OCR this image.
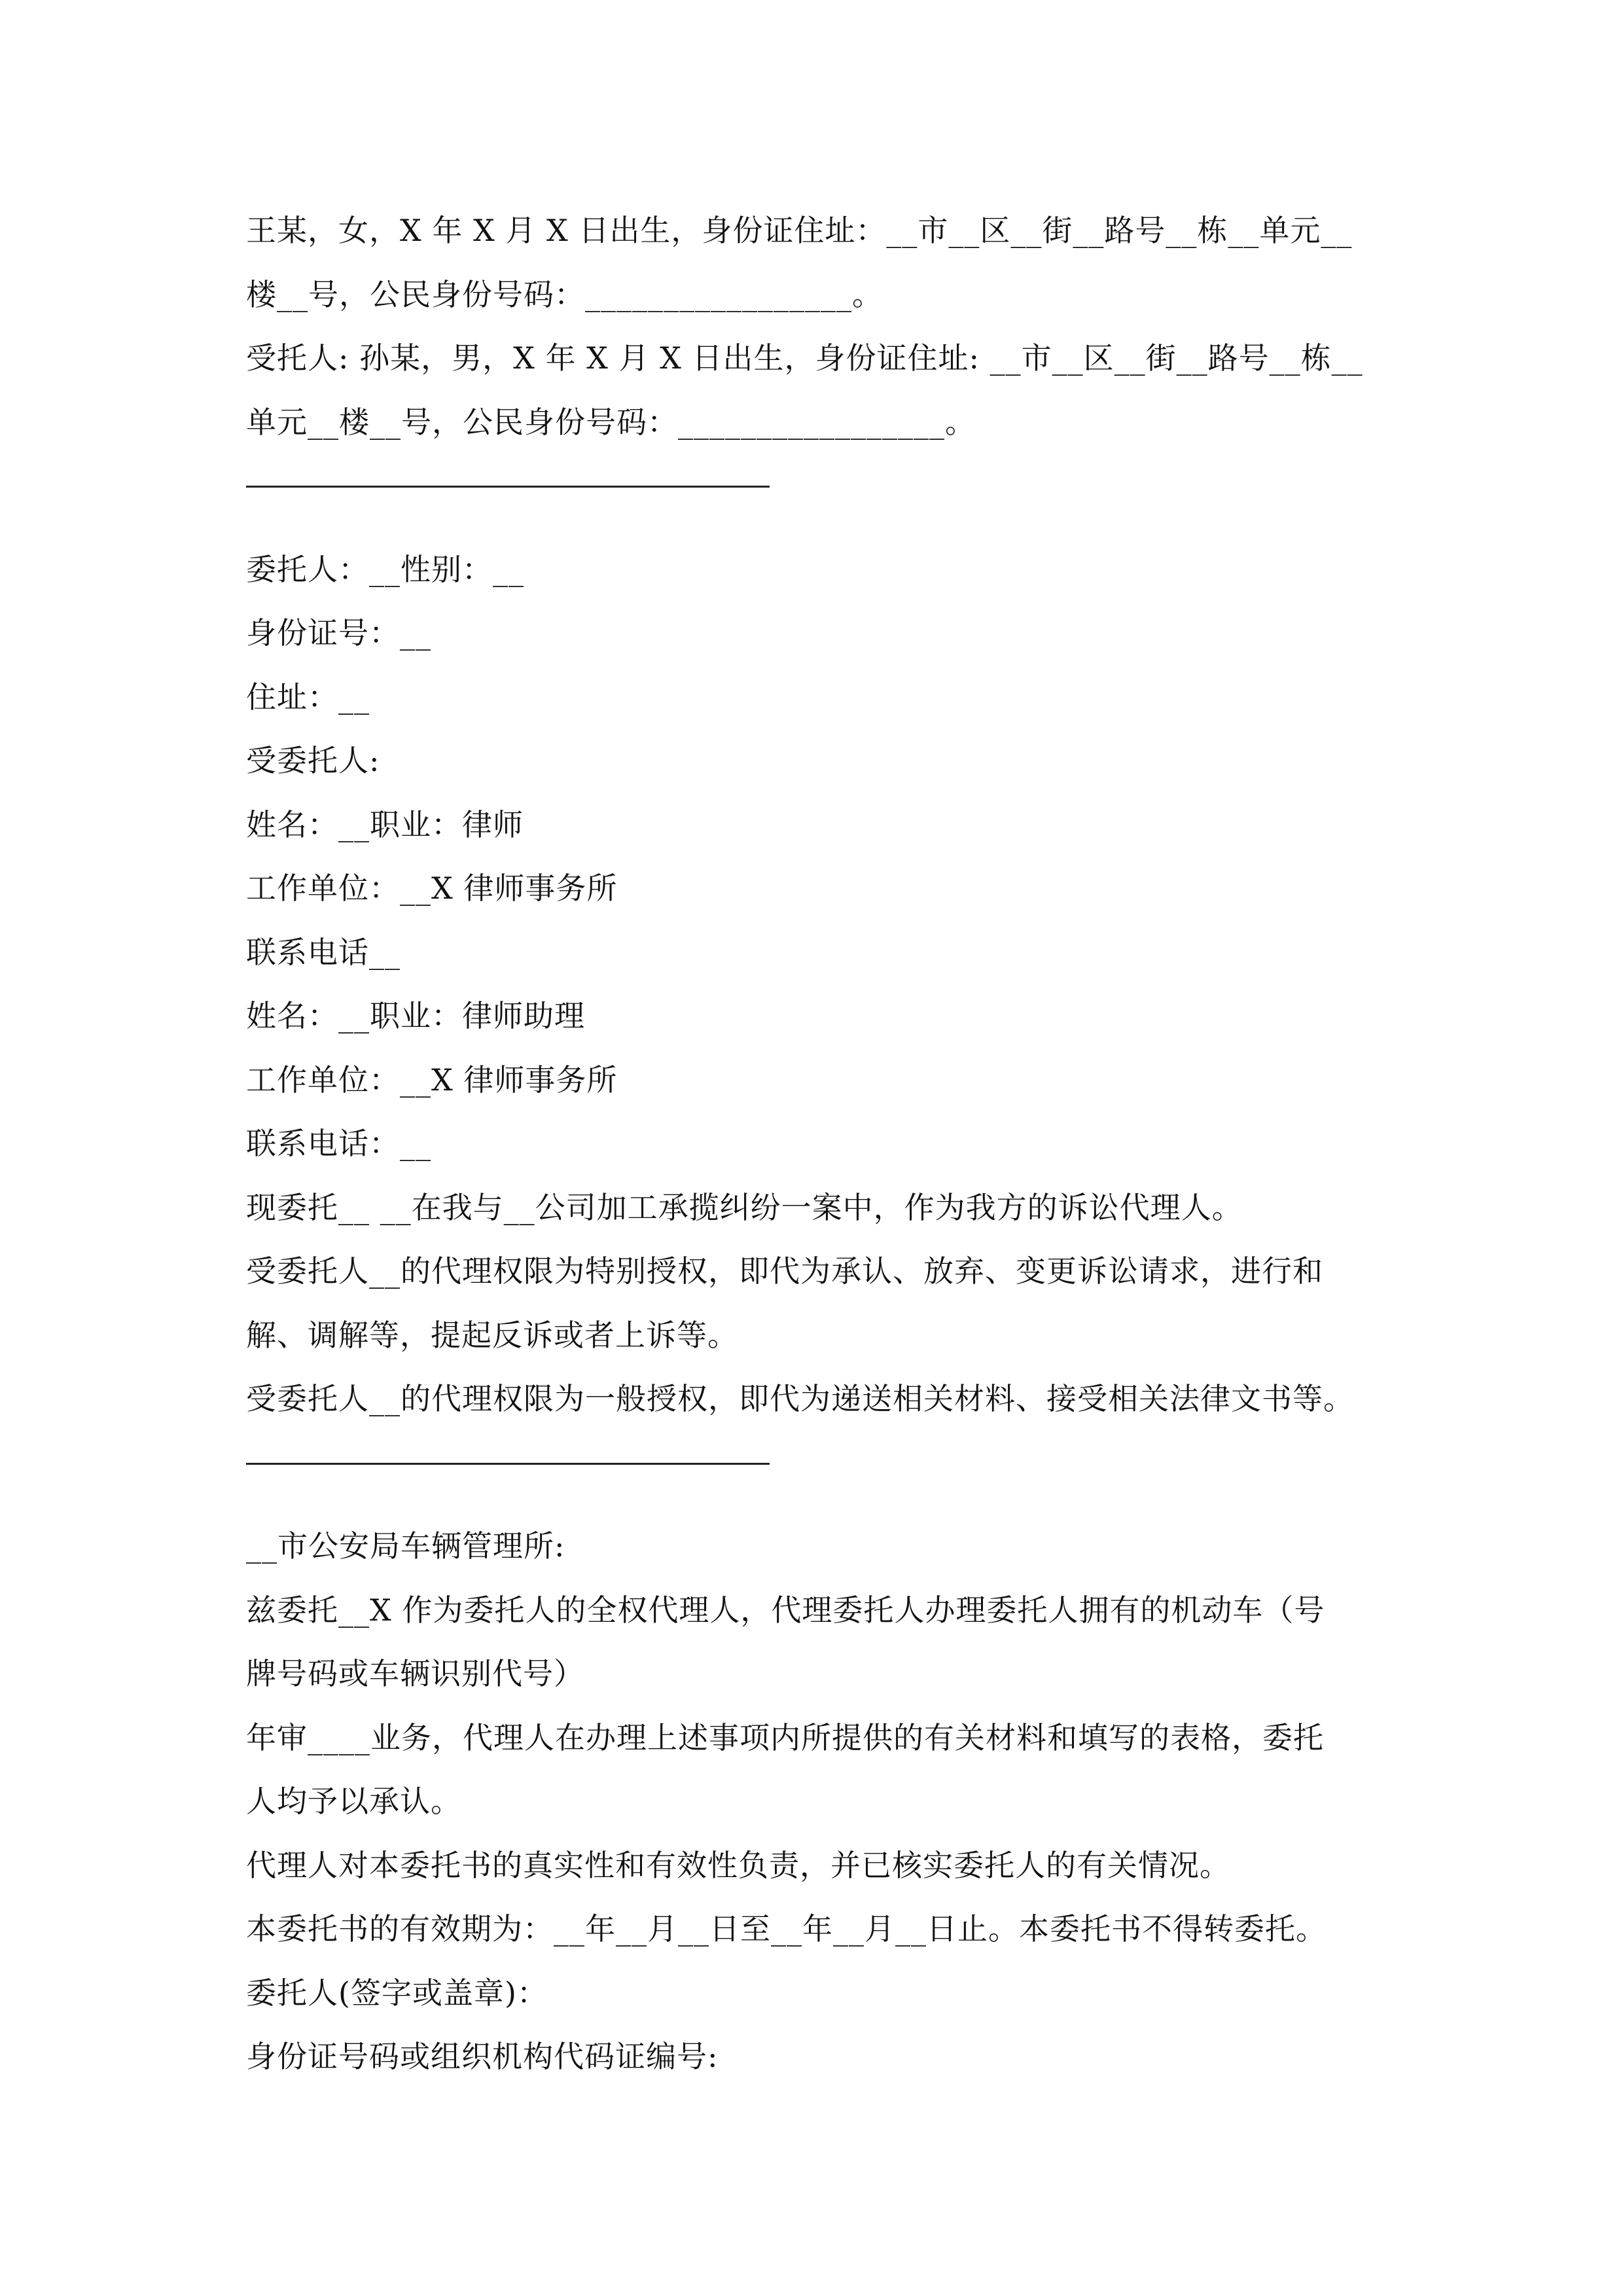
王某，女，X 年 X 月 X 日出生，身份证住址：__市__区__街__路号__栋__单元__
楼__号，公民身份号码：_________________。
受托人: 孙某，男，X 年 X 月 X 日出生，身份证住址: __市__区__街__路号__栋__
单元__楼__号，公民身份号码：_________________。
委托人：__性别：__
身份证号：__
住址：__
受委托人:
姓名：__职业：律师
工作单位：__X 律师事务所
联系电话__
姓名：__职业：律师助理
工作单位：__X 律师事务所
联系电话：__
现委托__ __在我与__公司加工承揽纠纷一案中，作为我方的诉讼代理人。
受委托人__的代理权限为特别授权，即代为承认、放弃、变更诉讼请求，进行和
解、调解等，提起反诉或者上诉等。
受委托人__的代理权限为一般授权，即代为递送相关材料、接受相关法律文书等。
__市公安局车辆管理所:
兹委托__X 作为委托人的全权代理人，代理委托人办理委托人拥有的机动车（号
牌号码或车辆识别代号）
年审____业务，代理人在办理上述事项内所提供的有关材料和填写的表格，委托
人均予以承认。
代理人对本委托书的真实性和有效性负责，并已核实委托人的有关情况。
本委托书的有效期为：__年__月__日至__年__月__日止。本委托书不得转委托。
委托人(签字或盖章)：
身份证号码或组织机构代码证编号:
